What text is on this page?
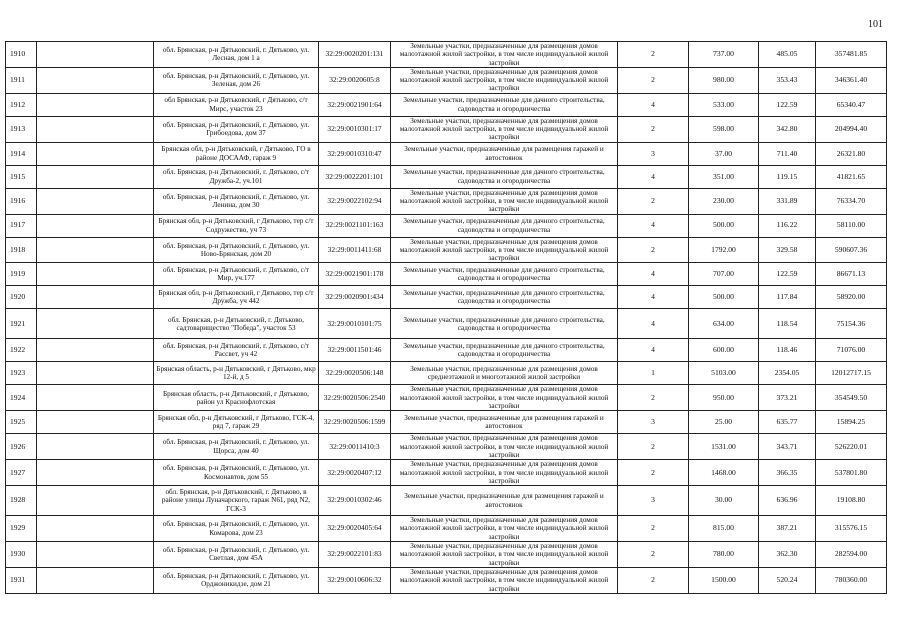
101
1910		обл. Брянская, р-н Дятьковский, г. Дятьково, ул. Лесная, дом 1 а	32:29:0020201:131	Земельные участки, предназначенные для размещения домов малоэтажной жилой застройки, в том числе индивидуальной жилой застройки	2	737.00	485.05	357481.85
1911		обл. Брянская, р-н Дятьковский, г. Дятьково, ул. Зеленая, дом 26	32:29:0020605:8	Земельные участки, предназначенные для размещения домов малоэтажной жилой застройки, в том числе индивидуальной жилой застройки	2	980.00	353.43	346361.40
1912		обл Брянская, р-н Дятьковский, г Дятьково, с/т Мирс, участок 23	32:29:0021901:64	Земельные участки, предназначенные для дачного строительства, садоводства и огородничества	4	533.00	122.59	65340.47
1913		обл. Брянская, р-н Дятьковский, г. Дятьково, ул. Грибоедова, дом 37	32:29:0010301:17	Земельные участки, предназначенные для размещения домов малоэтажной жилой застройки, в том числе индивидуальной жилой застройки	2	598.00	342.80	204994.40
1914		Брянская обл, р-н Дятьковский, г Дятьково, ГО в районе ДОСААФ, гараж 9	32:29:0010310:47	Земельные участки, предназначенные для размещения гаражей и автостоянок	3	37.00	711.40	26321.80
1915		обл. Брянская, р-н Дятьковский, г. Дятьково, с/т Дружба-2, уч.101	32:29:0022201:101	Земельные участки, предназначенные для дачного строительства, садоводства и огородничества	4	351.00	119.15	41821.65
1916		обл. Брянская, р-н Дятьковский, г. Дятьково, ул. Ленина, дом 30	32:29:0022102:94	Земельные участки, предназначенные для размещения домов малоэтажной жилой застройки, в том числе индивидуальной жилой застройки	2	230.00	331.89	76334.70
1917		Брянская обл, р-н Дятьковский, г Дятьково, тер с/т Содружество, уч 73	32:29:0021101:163	Земельные участки, предназначенные для дачного строительства, садоводства и огородничества	4	500.00	116.22	58110.00
1918		обл. Брянская, р-н Дятьковский, г. Дятьково, ул. Ново-Брянская, дом 20	32:29:0011411:68	Земельные участки, предназначенные для размещения домов малоэтажной жилой застройки, в том числе индивидуальной жилой застройки	2	1792.00	329.58	590607.36
1919		обл. Брянская, р-н Дятьковский, г. Дятьково, с/т Мир, уч.177	32:29:0021901:178	Земельные участки, предназначенные для дачного строительства, садоводства и огородничества	4	707.00	122.59	86671.13
1920		Брянская обл, р-н Дятьковский, г Дятьково, тер с/т Дружба, уч 442	32:29:0020901:434	Земельные участки, предназначенные для дачного строительства, садоводства и огородничества	4	500.00	117.84	58920.00
1921		обл. Брянская, р-н Дятьковский, г. Дятьково, садтоварищество "Победа", участок 53	32:29:0010101:75	Земельные участки, предназначенные для дачного строительства, садоводства и огородничества	4	634.00	118.54	75154.36
1922		обл. Брянская, р-н Дятьковский, г. Дятьково, с/т Рассвет, уч 42	32:29:0011501:46	Земельные участки, предназначенные для дачного строительства, садоводства и огородничества	4	600.00	118.46	71076.00
1923		Брянская область, р-н Дятьковский, г Дятьково, мкр 12-й, д 5	32:29:0020506:148	Земельные участки, предназначенные для размещения домов среднеэтажной и многоэтажной жилой застройки	1	5103.00	2354.05	12012717.15
1924		Брянская область, р-н Дятьковский, г Дятьково, район ул Краснофлотская	32:29:0020506:2540	Земельные участки, предназначенные для размещения домов малоэтажной жилой застройки, в том числе индивидуальной жилой застройки	2	950.00	373.21	354549.50
1925		Брянская обл, р-н Дятьковский, г Дятьково, ГСК-4, ряд 7, гараж 29	32:29:0020506:1599	Земельные участки, предназначенные для размещения гаражей и автостоянок	3	25.00	635.77	15894.25
1926		обл. Брянская, р-н Дятьковский, г. Дятьково, ул. Щорса, дом 40	32:29:0011410:3	Земельные участки, предназначенные для размещения домов малоэтажной жилой застройки, в том числе индивидуальной жилой застройки	2	1531.00	343.71	526220.01
1927		обл. Брянская, р-н Дятьковский, г. Дятьково, ул. Космонавтов, дом 55	32:29:0020407:12	Земельные участки, предназначенные для размещения домов малоэтажной жилой застройки, в том числе индивидуальной жилой застройки	2	1468.00	366.35	537801.80
1928		обл. Брянская, р-н Дятьковский, г. Дятьково, в районе улицы Луначарского, гараж N61, ряд N2, ГСК-3	32:29:0010302:46	Земельные участки, предназначенные для размещения гаражей и автостоянок	3	30.00	636.96	19108.80
1929		обл. Брянская, р-н Дятьковский, г. Дятьково, ул. Комарова, дом 23	32:29:0020405:64	Земельные участки, предназначенные для размещения домов малоэтажной жилой застройки, в том числе индивидуальной жилой застройки	2	815.00	387.21	315576.15
1930		обл. Брянская, р-н Дятьковский, г. Дятьково, ул. Светлая, дом 45А	32:29:0022101:83	Земельные участки, предназначенные для размещения домов малоэтажной жилой застройки, в том числе индивидуальной жилой застройки	2	780.00	362.30	282594.00
1931		обл. Брянская, р-н Дятьковский, г. Дятьково, ул. Орджоникидзе, дом 21	32:29:0010606:32	Земельные участки, предназначенные для размещения домов малоэтажной жилой застройки, в том числе индивидуальной жилой застройки	2	1500.00	520.24	780360.00
